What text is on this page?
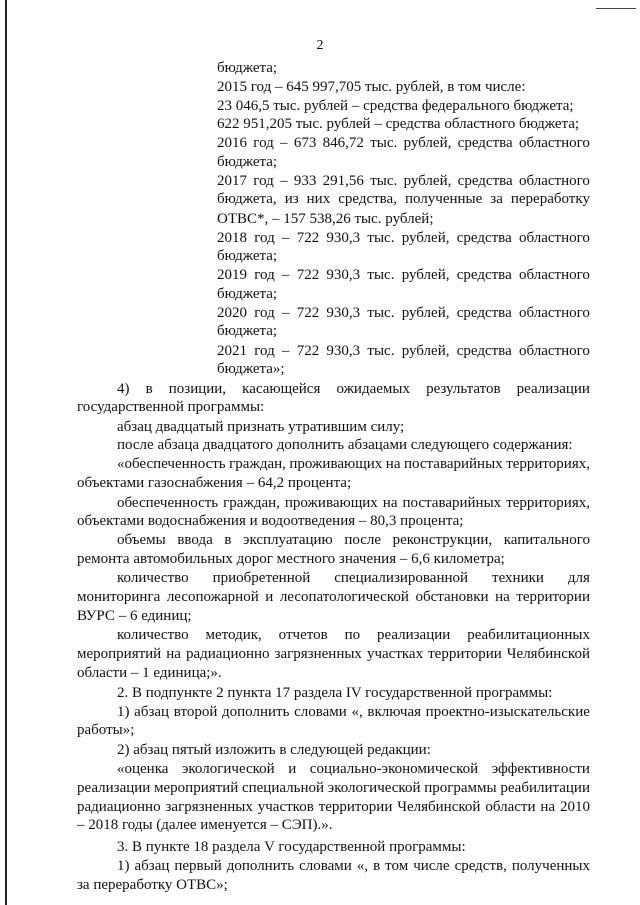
2
бюджета;
2015 год – 645 997,705 тыс. рублей, в том числе:
23 046,5 тыс. рублей – средства федерального бюджета;
622 951,205 тыс. рублей – средства областного бюджета;
2016 год – 673 846,72 тыс. рублей, средства областного
бюджета;
2017 год – 933 291,56 тыс. рублей, средства областного
бюджета, из них средства, полученные за переработку
ОТВС*, – 157 538,26 тыс. рублей;
2018 год – 722 930,3 тыс. рублей, средства областного
бюджета;
2019 год – 722 930,3 тыс. рублей, средства областного
бюджета;
2020 год – 722 930,3 тыс. рублей, средства областного
бюджета;
2021 год – 722 930,3 тыс. рублей, средства областного
бюджета»;
4) в позиции, касающейся ожидаемых результатов реализации
государственной программы:
абзац двадцатый признать утратившим силу;
после абзаца двадцатого дополнить абзацами следующего содержания:
«обеспеченность граждан, проживающих на поставарийных территориях,
объектами газоснабжения – 64,2 процента;
обеспеченность граждан, проживающих на поставарийных территориях,
объектами водоснабжения и водоотведения – 80,3 процента;
объемы ввода в эксплуатацию после реконструкции, капитального
ремонта автомобильных дорог местного значения – 6,6 километра;
количество приобретенной специализированной техники для
мониторинга лесопожарной и лесопатологической обстановки на территории
ВУРС – 6 единиц;
количество методик, отчетов по реализации реабилитационных
мероприятий на радиационно загрязненных участках территории Челябинской
области – 1 единица;».
2. В подпункте 2 пункта 17 раздела IV государственной программы:
1) абзац второй дополнить словами «, включая проектно-изыскательские
работы»;
2) абзац пятый изложить в следующей редакции:
«оценка экологической и социально-экономической эффективности
реализации мероприятий специальной экологической программы реабилитации
радиационно загрязненных участков территории Челябинской области на 2010
– 2018 годы (далее именуется – СЭП).».
3. В пункте 18 раздела V государственной программы:
1) абзац первый дополнить словами «, в том числе средств, полученных
за переработку ОТВС»;
